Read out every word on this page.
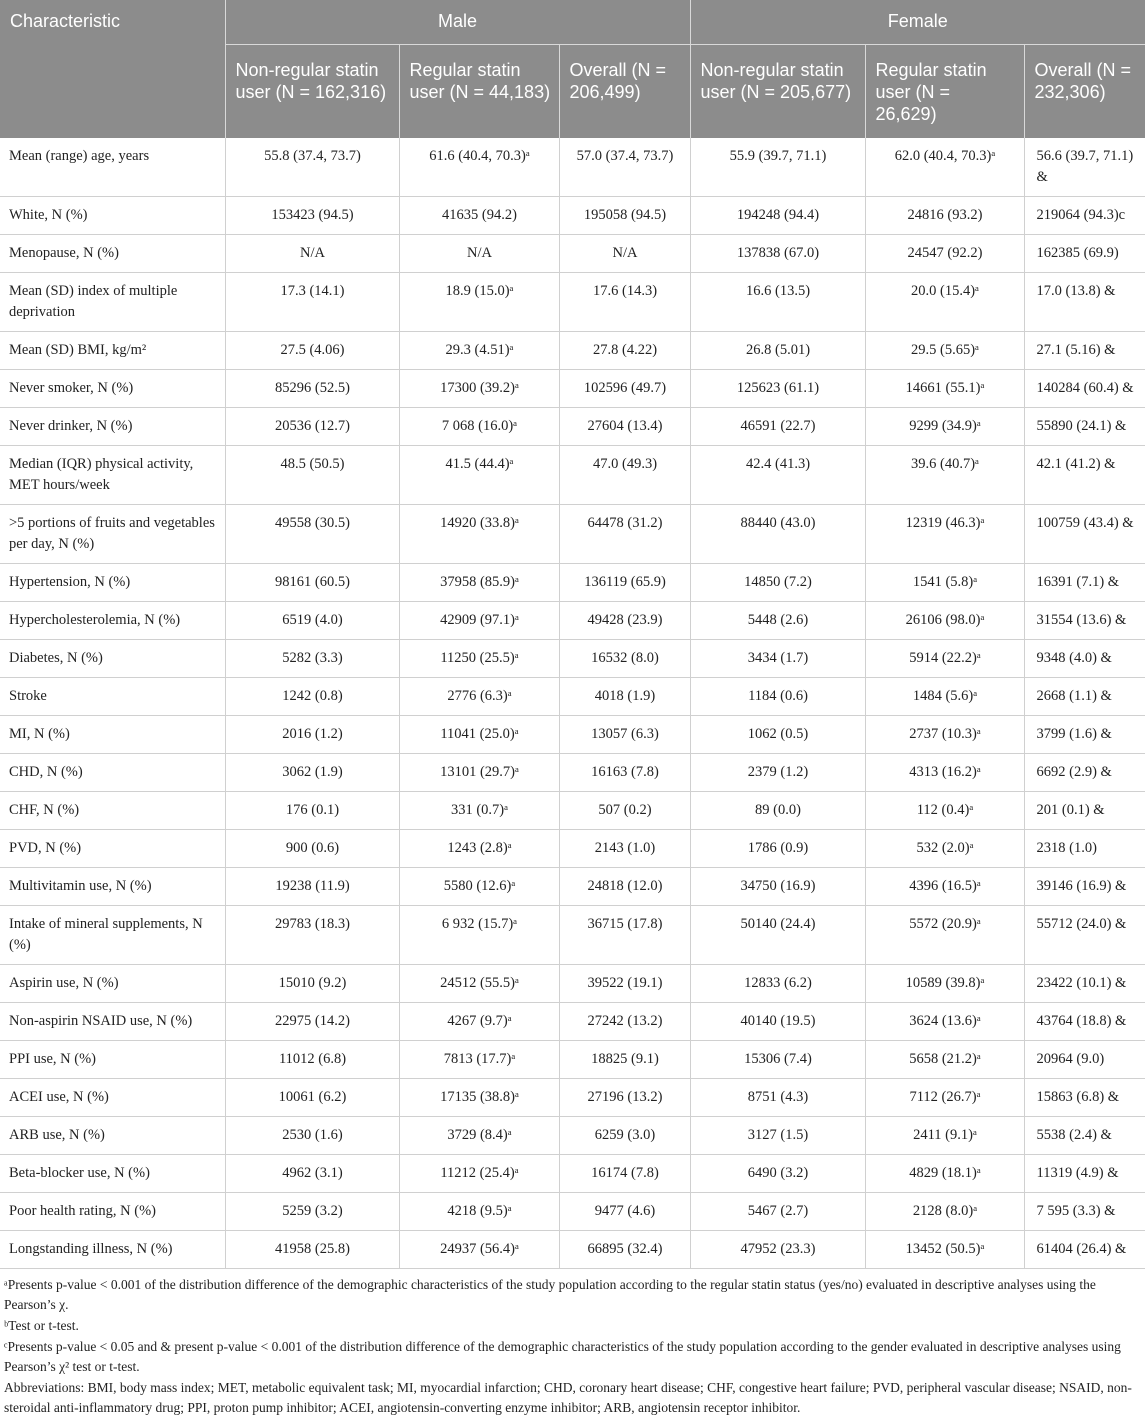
Characteristic	Male			Female		
	Non-regular statin user (N = 162,316)	Regular statin user (N = 44,183)	Overall (N = 206,499)	Non-regular statin user (N = 205,677)	Regular statin user (N = 26,629)	Overall (N = 232,306)
Mean (range) age, years	55.8 (37.4, 73.7)	61.6 (40.4, 70.3)ᵃ	57.0 (37.4, 73.7)	55.9 (39.7, 71.1)	62.0 (40.4, 70.3)ᵃ	56.6 (39.7, 71.1) &
White, N (%)	153423 (94.5)	41635 (94.2)	195058 (94.5)	194248 (94.4)	24816 (93.2)	219064 (94.3)c
Menopause, N (%)	N/A	N/A	N/A	137838 (67.0)	24547 (92.2)	162385 (69.9)
Mean (SD) index of multiple deprivation	17.3 (14.1)	18.9 (15.0)ᵃ	17.6 (14.3)	16.6 (13.5)	20.0 (15.4)ᵃ	17.0 (13.8) &
Mean (SD) BMI, kg/m²	27.5 (4.06)	29.3 (4.51)ᵃ	27.8 (4.22)	26.8 (5.01)	29.5 (5.65)ᵃ	27.1 (5.16) &
Never smoker, N (%)	85296 (52.5)	17300 (39.2)ᵃ	102596 (49.7)	125623 (61.1)	14661 (55.1)ᵃ	140284 (60.4) &
Never drinker, N (%)	20536 (12.7)	7 068 (16.0)ᵃ	27604 (13.4)	46591 (22.7)	9299 (34.9)ᵃ	55890 (24.1) &
Median (IQR) physical activity, MET hours/week	48.5 (50.5)	41.5 (44.4)ᵃ	47.0 (49.3)	42.4 (41.3)	39.6 (40.7)ᵃ	42.1 (41.2) &
>5 portions of fruits and vegetables per day, N (%)	49558 (30.5)	14920 (33.8)ᵃ	64478 (31.2)	88440 (43.0)	12319 (46.3)ᵃ	100759 (43.4) &
Hypertension, N (%)	98161 (60.5)	37958 (85.9)ᵃ	136119 (65.9)	14850 (7.2)	1541 (5.8)ᵃ	16391 (7.1) &
Hypercholesterolemia, N (%)	6519 (4.0)	42909 (97.1)ᵃ	49428 (23.9)	5448 (2.6)	26106 (98.0)ᵃ	31554 (13.6) &
Diabetes, N (%)	5282 (3.3)	11250 (25.5)ᵃ	16532 (8.0)	3434 (1.7)	5914 (22.2)ᵃ	9348 (4.0) &
Stroke	1242 (0.8)	2776 (6.3)ᵃ	4018 (1.9)	1184 (0.6)	1484 (5.6)ᵃ	2668 (1.1) &
MI, N (%)	2016 (1.2)	11041 (25.0)ᵃ	13057 (6.3)	1062 (0.5)	2737 (10.3)ᵃ	3799 (1.6) &
CHD, N (%)	3062 (1.9)	13101 (29.7)ᵃ	16163 (7.8)	2379 (1.2)	4313 (16.2)ᵃ	6692 (2.9) &
CHF, N (%)	176 (0.1)	331 (0.7)ᵃ	507 (0.2)	89 (0.0)	112 (0.4)ᵃ	201 (0.1) &
PVD, N (%)	900 (0.6)	1243 (2.8)ᵃ	2143 (1.0)	1786 (0.9)	532 (2.0)ᵃ	2318 (1.0)
Multivitamin use, N (%)	19238 (11.9)	5580 (12.6)ᵃ	24818 (12.0)	34750 (16.9)	4396 (16.5)ᵃ	39146 (16.9) &
Intake of mineral supplements, N (%)	29783 (18.3)	6 932 (15.7)ᵃ	36715 (17.8)	50140 (24.4)	5572 (20.9)ᵃ	55712 (24.0) &
Aspirin use, N (%)	15010 (9.2)	24512 (55.5)ᵃ	39522 (19.1)	12833 (6.2)	10589 (39.8)ᵃ	23422 (10.1) &
Non-aspirin NSAID use, N (%)	22975 (14.2)	4267 (9.7)ᵃ	27242 (13.2)	40140 (19.5)	3624 (13.6)ᵃ	43764 (18.8) &
PPI use, N (%)	11012 (6.8)	7813 (17.7)ᵃ	18825 (9.1)	15306 (7.4)	5658 (21.2)ᵃ	20964 (9.0)
ACEI use, N (%)	10061 (6.2)	17135 (38.8)ᵃ	27196 (13.2)	8751 (4.3)	7112 (26.7)ᵃ	15863 (6.8) &
ARB use, N (%)	2530 (1.6)	3729 (8.4)ᵃ	6259 (3.0)	3127 (1.5)	2411 (9.1)ᵃ	5538 (2.4) &
Beta-blocker use, N (%)	4962 (3.1)	11212 (25.4)ᵃ	16174 (7.8)	6490 (3.2)	4829 (18.1)ᵃ	11319 (4.9) &
Poor health rating, N (%)	5259 (3.2)	4218 (9.5)ᵃ	9477 (4.6)	5467 (2.7)	2128 (8.0)ᵃ	7 595 (3.3) &
Longstanding illness, N (%)	41958 (25.8)	24937 (56.4)ᵃ	66895 (32.4)	47952 (23.3)	13452 (50.5)ᵃ	61404 (26.4) &

ᵃPresents p-value < 0.001 of the distribution difference of the demographic characteristics of the study population according to the regular statin status (yes/no) evaluated in descriptive analyses using the Pearson’s χ.

ᵇTest or t-test.

ᶜPresents p-value < 0.05 and & present p-value < 0.001 of the distribution difference of the demographic characteristics of the study population according to the gender evaluated in descriptive analyses using Pearson’s χ² test or t-test.

Abbreviations: BMI, body mass index; MET, metabolic equivalent task; MI, myocardial infarction; CHD, coronary heart disease; CHF, congestive heart failure; PVD, peripheral vascular disease; NSAID, non-steroidal anti-inflammatory drug; PPI, proton pump inhibitor; ACEI, angiotensin-converting enzyme inhibitor; ARB, angiotensin receptor inhibitor.
